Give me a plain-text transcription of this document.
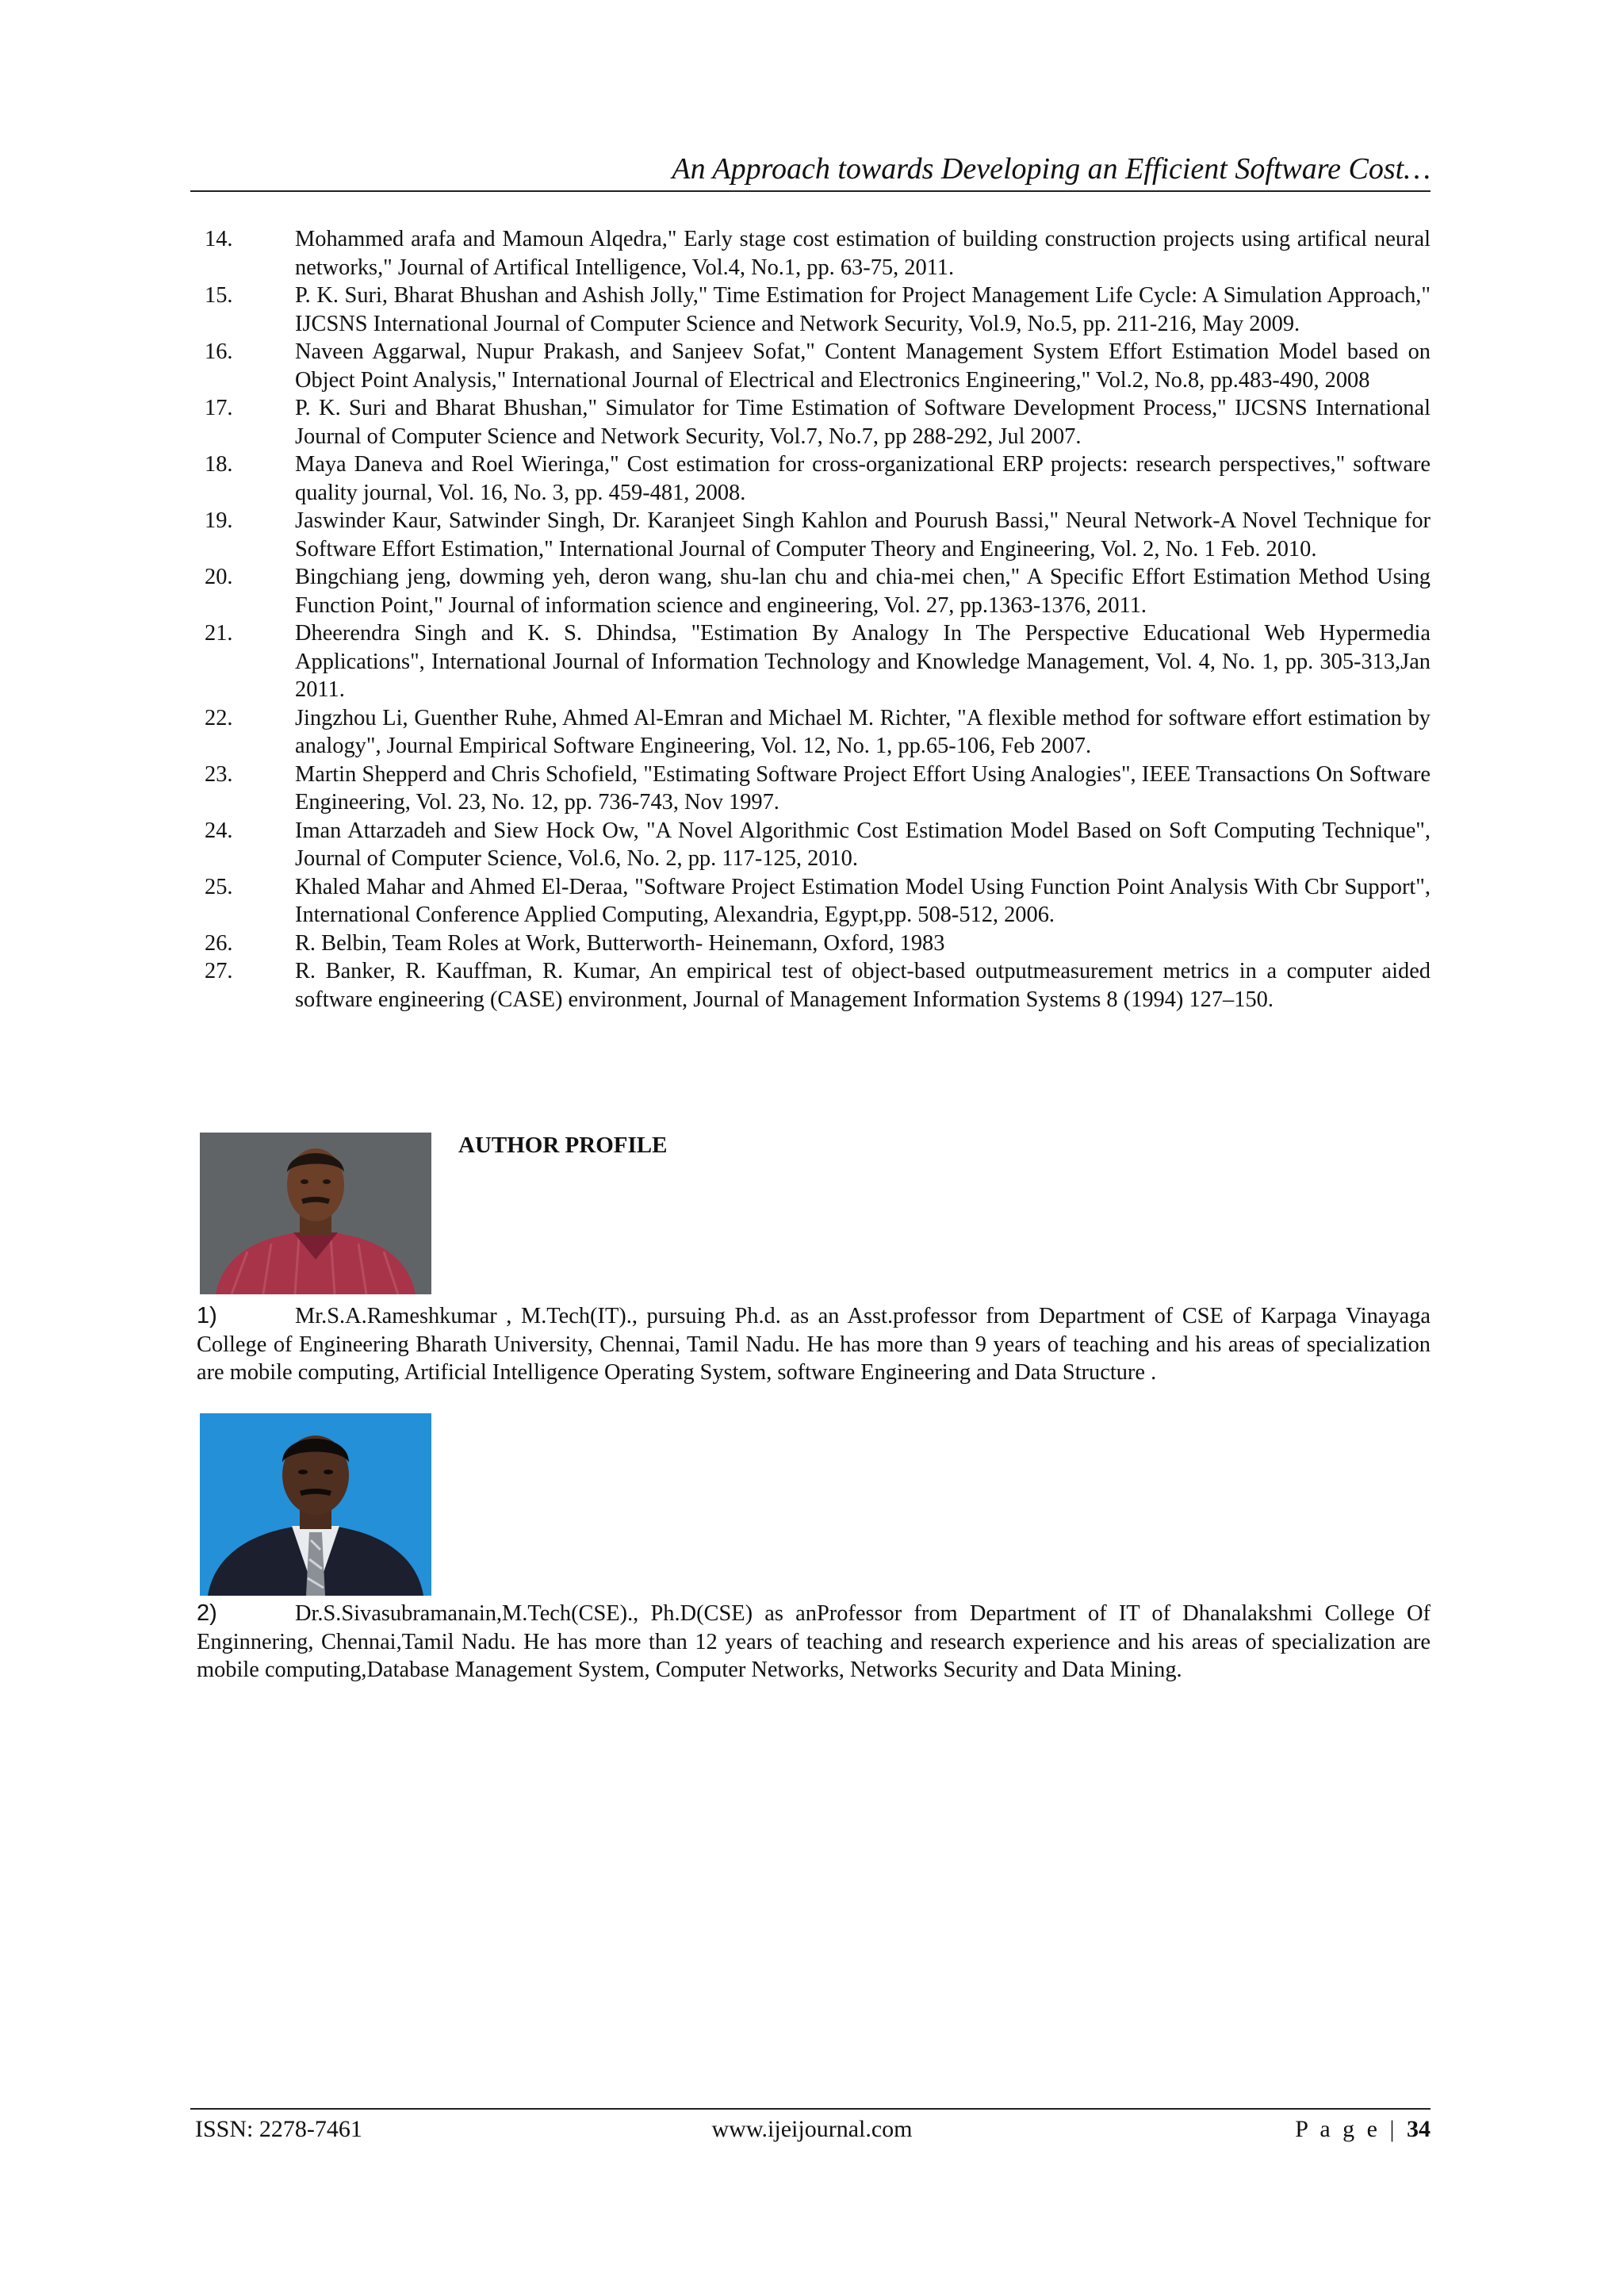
An Approach towards Developing an Efficient Software Cost…
14.	Mohammed arafa and Mamoun Alqedra," Early stage cost estimation of building construction projects using artifical neural networks," Journal of Artifical Intelligence, Vol.4, No.1, pp. 63-75, 2011.
15.	P. K. Suri, Bharat Bhushan and Ashish Jolly," Time Estimation for Project Management Life Cycle: A Simulation Approach," IJCSNS International Journal of Computer Science and Network Security, Vol.9, No.5, pp. 211-216, May 2009.
16.	Naveen Aggarwal, Nupur Prakash, and Sanjeev Sofat," Content Management System Effort Estimation Model based on Object Point Analysis," International Journal of Electrical and Electronics Engineering," Vol.2, No.8, pp.483-490, 2008
17.	P. K. Suri and Bharat Bhushan," Simulator for Time Estimation of Software Development Process," IJCSNS International Journal of Computer Science and Network Security, Vol.7, No.7, pp 288-292, Jul 2007.
18.	Maya Daneva and Roel Wieringa," Cost estimation for cross-organizational ERP projects: research perspectives," software quality journal, Vol. 16, No. 3, pp. 459-481, 2008.
19.	Jaswinder Kaur, Satwinder Singh, Dr. Karanjeet Singh Kahlon and Pourush Bassi," Neural Network-A Novel Technique for Software Effort Estimation," International Journal of Computer Theory and Engineering, Vol. 2, No. 1 Feb. 2010.
20.	Bingchiang jeng, dowming yeh, deron wang, shu-lan chu and chia-mei chen," A Specific Effort Estimation Method Using Function Point," Journal of information science and engineering, Vol. 27, pp.1363-1376, 2011.
21.	Dheerendra Singh and K. S. Dhindsa, "Estimation By Analogy In The Perspective Educational Web Hypermedia Applications", International Journal of Information Technology and Knowledge Management, Vol. 4, No. 1, pp. 305-313,Jan 2011.
22.	Jingzhou Li, Guenther Ruhe, Ahmed Al-Emran and Michael M. Richter, "A flexible method for software effort estimation by analogy", Journal Empirical Software Engineering, Vol. 12, No. 1, pp.65-106, Feb 2007.
23.	Martin Shepperd and Chris Schofield, "Estimating Software Project Effort Using Analogies", IEEE Transactions On Software Engineering, Vol. 23, No. 12, pp. 736-743, Nov 1997.
24.	Iman Attarzadeh and Siew Hock Ow, "A Novel Algorithmic Cost Estimation Model Based on Soft Computing Technique", Journal of Computer Science, Vol.6, No. 2, pp. 117-125, 2010.
25.	Khaled Mahar and Ahmed El-Deraa, "Software Project Estimation Model Using Function Point Analysis With Cbr Support", International Conference Applied Computing, Alexandria, Egypt,pp. 508-512, 2006.
26.	R. Belbin, Team Roles at Work, Butterworth- Heinemann, Oxford, 1983
27.	R. Banker, R. Kauffman, R. Kumar, An empirical test of object-based outputmeasurement metrics in a computer aided software engineering (CASE) environment, Journal of Management Information Systems 8 (1994) 127–150.
AUTHOR PROFILE
1)	Mr.S.A.Rameshkumar , M.Tech(IT)., pursuing Ph.d. as an Asst.professor from Department of CSE of Karpaga Vinayaga College of Engineering Bharath University, Chennai, Tamil Nadu. He has more than 9 years of teaching and his areas of specialization are mobile computing, Artificial Intelligence Operating System, software Engineering and Data Structure .
2)	Dr.S.Sivasubramanain,M.Tech(CSE)., Ph.D(CSE) as anProfessor from Department of IT of Dhanalakshmi College Of Enginnering, Chennai,Tamil Nadu. He has more than 12 years of teaching and research experience and his areas of specialization are mobile computing,Database Management System, Computer Networks, Networks Security and Data Mining.
ISSN: 2278-7461	www.ijeijournal.com	P a g e | 34
